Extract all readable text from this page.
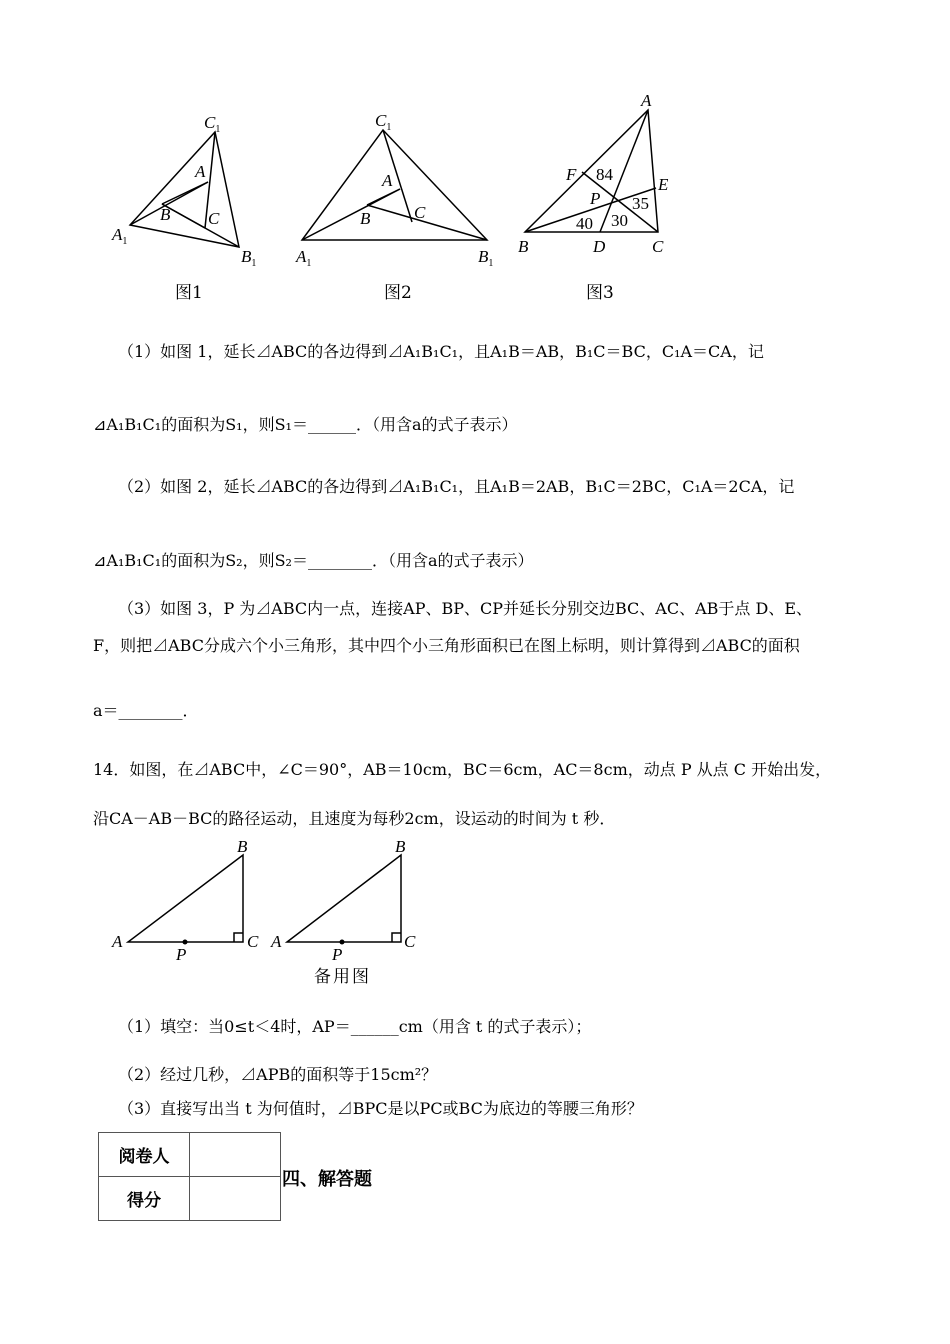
$C_1$
A
B C
$A_1$
$B_1$
图1
$C_1$
A
B	C
$A_1$	$B_1$
图2
A
F
E
P
B	D	C
84
35
40 30
图3
（1）如图 1，延长⊿ABC的各边得到⊿A₁B₁C₁，且A₁B＝AB，B₁C＝BC，C₁A＝CA，记
⊿A₁B₁C₁的面积为S₁，则S₁＝______．（用含a的式子表示）
（2）如图 2，延长⊿ABC的各边得到⊿A₁B₁C₁，且A₁B＝2AB，B₁C＝2BC，C₁A＝2CA，记
⊿A₁B₁C₁的面积为S₂，则S₂＝________．（用含a的式子表示）
（3）如图 3，P 为⊿ABC内一点，连接AP、BP、CP并延长分别交边BC、AC、AB于点 D、E、
F，则把⊿ABC分成六个小三角形，其中四个小三角形面积已在图上标明，则计算得到⊿ABC的面积
a＝________．
14．如图，在⊿ABC中，∠C＝90°，AB＝10cm，BC＝6cm，AC＝8cm，动点 P 从点 C 开始出发，
沿CA－AB－BC的路径运动，且速度为每秒2cm，设运动的时间为 t 秒．
B
A	C
P
B
A	C
P
备用图
（1）填空：当0≤t＜4时，AP＝______cm（用含 t 的式子表示）；
（2）经过几秒，⊿APB的面积等于15cm²？
（3）直接写出当 t 为何值时，⊿BPC是以PC或BC为底边的等腰三角形？
阅卷人	
得分	
四、解答题
